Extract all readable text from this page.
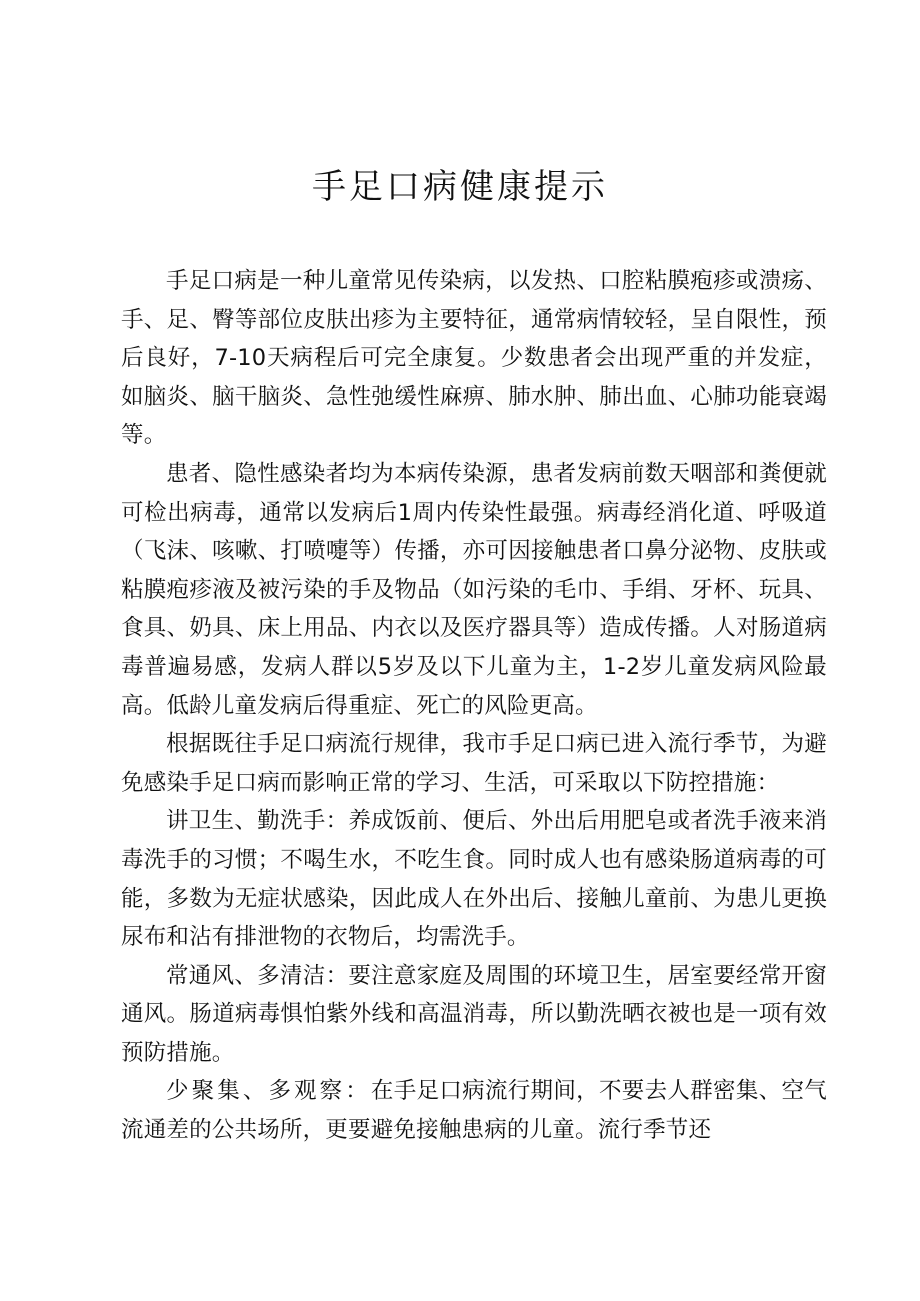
手足口病健康提示

手足口病是一种儿童常见传染病，以发热、口腔粘膜疱疹或溃疡、手、足、臀等部位皮肤出疹为主要特征，通常病情较轻，呈自限性，预后良好，7-10天病程后可完全康复。少数患者会出现严重的并发症，如脑炎、脑干脑炎、急性弛缓性麻痹、肺水肿、肺出血、心肺功能衰竭等。

患者、隐性感染者均为本病传染源，患者发病前数天咽部和粪便就可检出病毒，通常以发病后1周内传染性最强。病毒经消化道、呼吸道（飞沫、咳嗽、打喷嚏等）传播，亦可因接触患者口鼻分泌物、皮肤或粘膜疱疹液及被污染的手及物品（如污染的毛巾、手绢、牙杯、玩具、食具、奶具、床上用品、内衣以及医疗器具等）造成传播。人对肠道病毒普遍易感，发病人群以5岁及以下儿童为主，1-2岁儿童发病风险最高。低龄儿童发病后得重症、死亡的风险更高。

根据既往手足口病流行规律，我市手足口病已进入流行季节，为避免感染手足口病而影响正常的学习、生活，可采取以下防控措施：

讲卫生、勤洗手：养成饭前、便后、外出后用肥皂或者洗手液来消毒洗手的习惯；不喝生水，不吃生食。同时成人也有感染肠道病毒的可能，多数为无症状感染，因此成人在外出后、接触儿童前、为患儿更换尿布和沾有排泄物的衣物后，均需洗手。

常通风、多清洁：要注意家庭及周围的环境卫生，居室要经常开窗通风。肠道病毒惧怕紫外线和高温消毒，所以勤洗晒衣被也是一项有效预防措施。

少聚集、多观察：在手足口病流行期间，不要去人群密集、空气流通差的公共场所，更要避免接触患病的儿童。流行季节还
